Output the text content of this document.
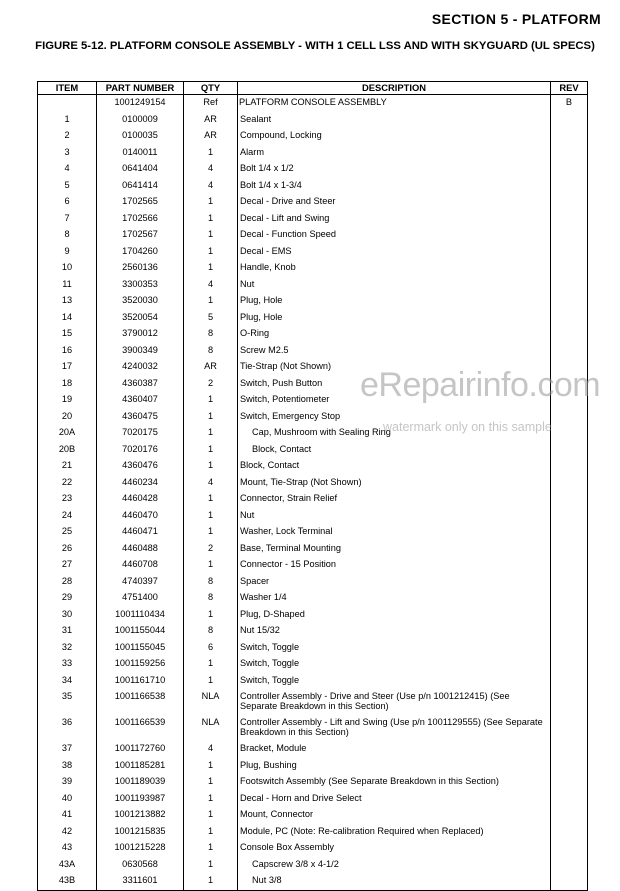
SECTION 5 - PLATFORM
FIGURE 5-12. PLATFORM CONSOLE ASSEMBLY - WITH 1 CELL LSS AND WITH SKYGUARD (UL SPECS)
ITEM	PART NUMBER	QTY	DESCRIPTION	REV
	1001249154	Ref	PLATFORM CONSOLE ASSEMBLY	B
1	0100009	AR	Sealant	
2	0100035	AR	Compound, Locking	
3	0140011	1	Alarm	
4	0641404	4	Bolt 1/4 x 1/2	
5	0641414	4	Bolt 1/4 x 1-3/4	
6	1702565	1	Decal - Drive and Steer	
7	1702566	1	Decal - Lift and Swing	
8	1702567	1	Decal - Function Speed	
9	1704260	1	Decal - EMS	
10	2560136	1	Handle, Knob	
11	3300353	4	Nut	
13	3520030	1	Plug, Hole	
14	3520054	5	Plug, Hole	
15	3790012	8	O-Ring	
16	3900349	8	Screw M2.5	
17	4240032	AR	Tie-Strap (Not Shown)	
18	4360387	2	Switch, Push Button	
19	4360407	1	Switch, Potentiometer	
20	4360475	1	Switch, Emergency Stop	
20A	7020175	1	Cap, Mushroom with Sealing Ring	
20B	7020176	1	Block, Contact	
21	4360476	1	Block, Contact	
22	4460234	4	Mount, Tie-Strap (Not Shown)	
23	4460428	1	Connector, Strain Relief	
24	4460470	1	Nut	
25	4460471	1	Washer, Lock Terminal	
26	4460488	2	Base, Terminal Mounting	
27	4460708	1	Connector - 15 Position	
28	4740397	8	Spacer	
29	4751400	8	Washer 1/4	
30	1001110434	1	Plug, D-Shaped	
31	1001155044	8	Nut 15/32	
32	1001155045	6	Switch, Toggle	
33	1001159256	1	Switch, Toggle	
34	1001161710	1	Switch, Toggle	
35	1001166538	NLA	Controller Assembly - Drive and Steer (Use p/n 1001212415) (See Separate Breakdown in this Section)	
36	1001166539	NLA	Controller Assembly - Lift and Swing (Use p/n 1001129555) (See Separate Breakdown in this Section)	
37	1001172760	4	Bracket, Module	
38	1001185281	1	Plug, Bushing	
39	1001189039	1	Footswitch Assembly (See Separate Breakdown in this Section)	
40	1001193987	1	Decal - Horn and Drive Select	
41	1001213882	1	Mount, Connector	
42	1001215835	1	Module, PC (Note: Re-calibration Required when Replaced)	
43	1001215228	1	Console Box Assembly	
43A	0630568	1	Capscrew 3/8 x 4-1/2	
43B	3311601	1	Nut 3/8	
eRepairinfo.com
watermark only on this sample
